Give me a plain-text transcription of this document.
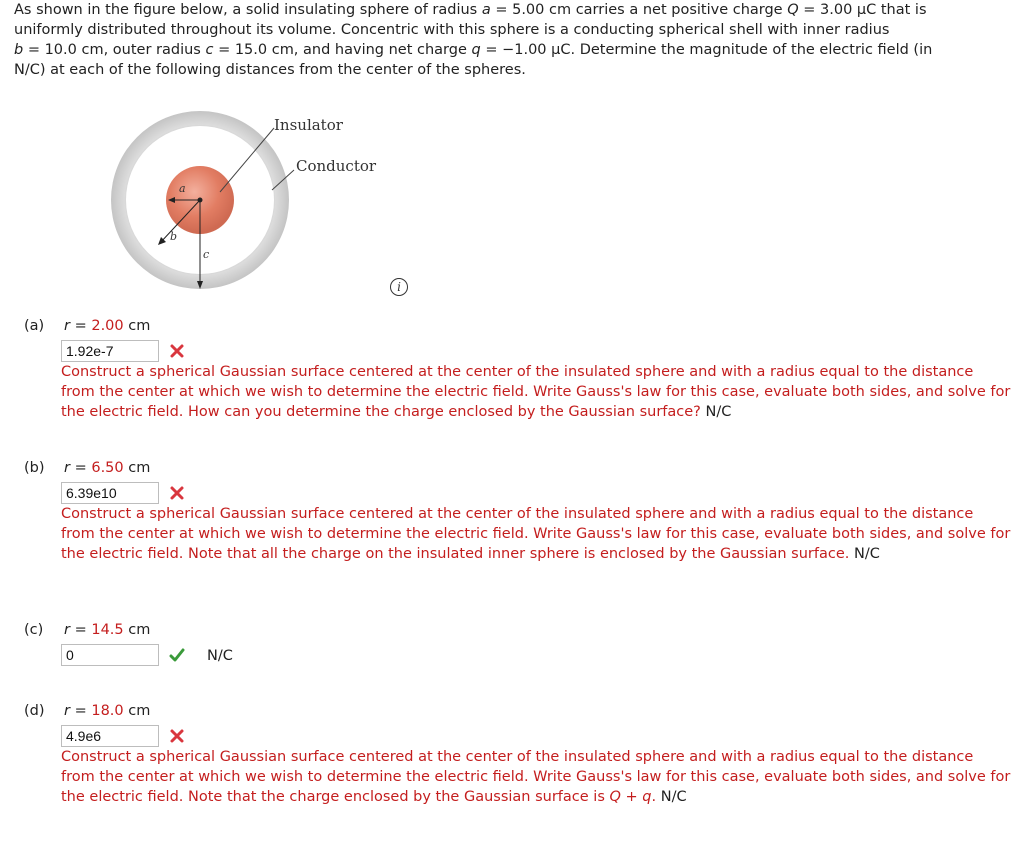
As shown in the figure below, a solid insulating sphere of radius a = 5.00 cm carries a net positive charge Q = 3.00 μC that is
uniformly distributed throughout its volume. Concentric with this sphere is a conducting spherical shell with inner radius
b = 10.0 cm, outer radius c = 15.0 cm, and having net charge q = −1.00 μC. Determine the magnitude of the electric field (in
N/C) at each of the following distances from the center of the spheres.
Insulator
Conductor
a
b
c
i
(a) r = 2.00 cm
1.92e-7
Construct a spherical Gaussian surface centered at the center of the insulated sphere and with a radius equal to the distance from the center at which we wish to determine the electric field. Write Gauss's law for this case, evaluate both sides, and solve for the electric field. How can you determine the charge enclosed by the Gaussian surface? N/C
(b) r = 6.50 cm
6.39e10
Construct a spherical Gaussian surface centered at the center of the insulated sphere and with a radius equal to the distance from the center at which we wish to determine the electric field. Write Gauss's law for this case, evaluate both sides, and solve for the electric field. Note that all the charge on the insulated inner sphere is enclosed by the Gaussian surface. N/C
(c) r = 14.5 cm
0	N/C
(d) r = 18.0 cm
4.9e6
Construct a spherical Gaussian surface centered at the center of the insulated sphere and with a radius equal to the distance from the center at which we wish to determine the electric field. Write Gauss's law for this case, evaluate both sides, and solve for the electric field. Note that the charge enclosed by the Gaussian surface is Q + q. N/C
